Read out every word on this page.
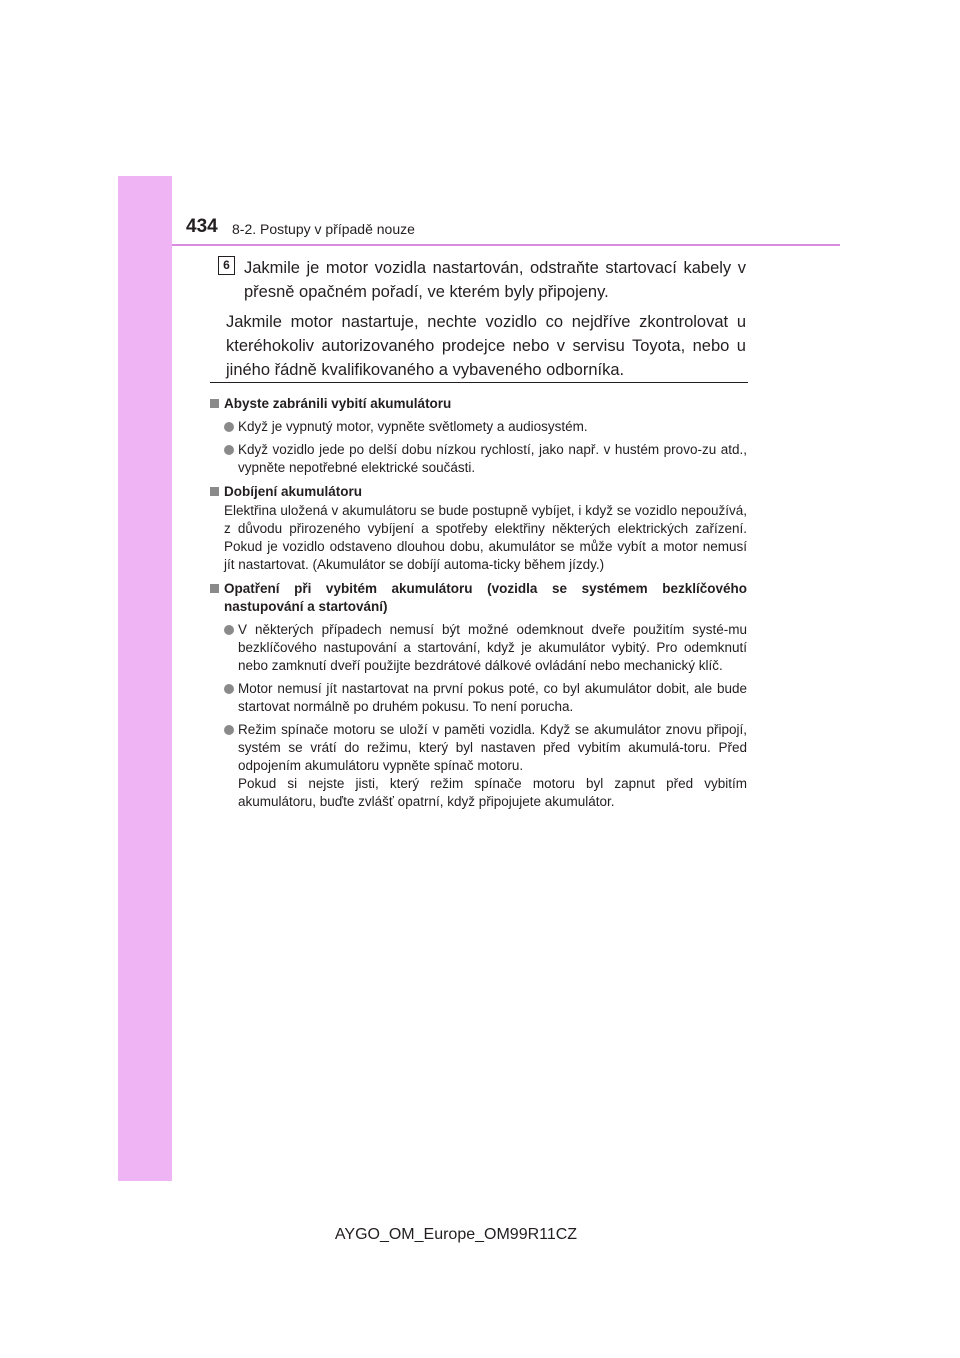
434 8-2. Postupy v případě nouze
6 Jakmile je motor vozidla nastartován, odstraňte startovací kabely v přesně opačném pořadí, ve kterém byly připojeny.

Jakmile motor nastartuje, nechte vozidlo co nejdříve zkontrolovat u kteréhokoliv autorizovaného prodejce nebo v servisu Toyota, nebo u jiného řádně kvalifikovaného a vybaveného odborníka.

Abyste zabránili vybití akumulátoru
Když je vypnutý motor, vypněte světlomety a audiosystém.
Když vozidlo jede po delší dobu nízkou rychlostí, jako např. v hustém provo-zu atd., vypněte nepotřebné elektrické součásti.
Dobíjení akumulátoru
Elektřina uložená v akumulátoru se bude postupně vybíjet, i když se vozidlo nepoužívá, z důvodu přirozeného vybíjení a spotřeby elektřiny některých elektrických zařízení. Pokud je vozidlo odstaveno dlouhou dobu, akumulátor se může vybít a motor nemusí jít nastartovat. (Akumulátor se dobíjí automa-ticky během jízdy.)
Opatření při vybitém akumulátoru (vozidla se systémem bezklíčového nastupování a startování)
V některých případech nemusí být možné odemknout dveře použitím systé-mu bezklíčového nastupování a startování, když je akumulátor vybitý. Pro odemknutí nebo zamknutí dveří použijte bezdrátové dálkové ovládání nebo mechanický klíč.
Motor nemusí jít nastartovat na první pokus poté, co byl akumulátor dobit, ale bude startovat normálně po druhém pokusu. To není porucha.
Režim spínače motoru se uloží v paměti vozidla. Když se akumulátor znovu připojí, systém se vrátí do režimu, který byl nastaven před vybitím akumulá-toru. Před odpojením akumulátoru vypněte spínač motoru.
Pokud si nejste jisti, který režim spínače motoru byl zapnut před vybitím akumulátoru, buďte zvlášť opatrní, když připojujete akumulátor.
AYGO_OM_Europe_OM99R11CZ
